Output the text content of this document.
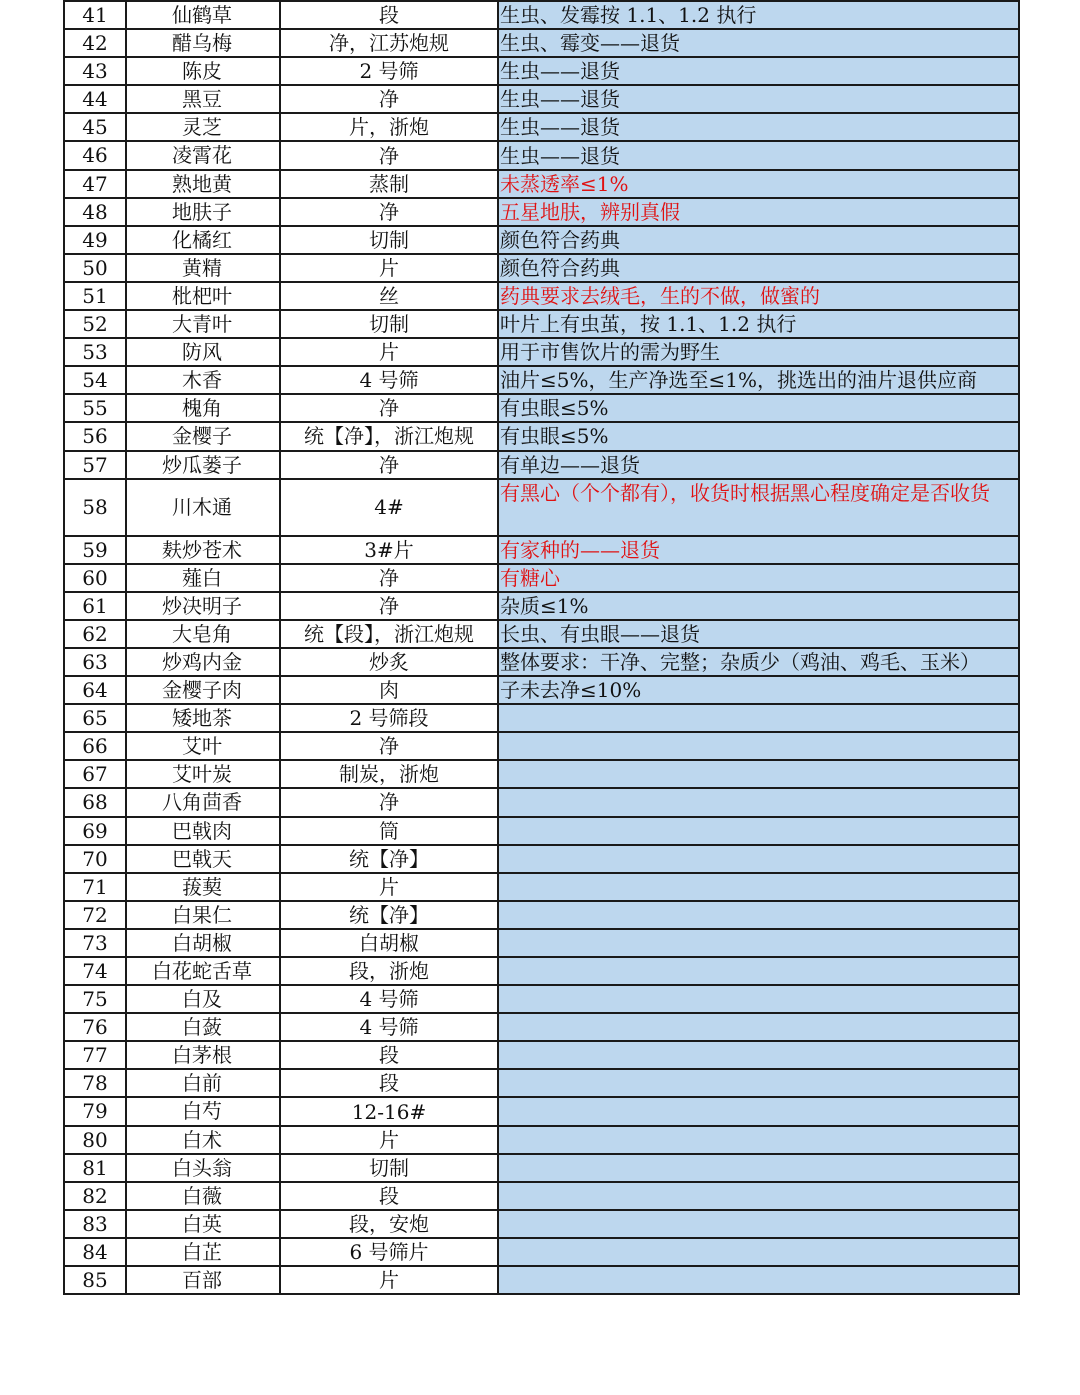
41 仙鹤草	段	生虫、发霉按 1.1、1.2 执行

42 醋乌梅	净，江苏炮规	生虫、霉变——退货

43 陈皮	2 号筛	生虫——退货

44 黑豆	净	生虫——退货

45 灵芝	片，浙炮	生虫——退货

46 凌霄花	净	生虫——退货

47 熟地黄	蒸制	未蒸透率≤1%

48 地肤子	净	五星地肤，辨别真假

49 化橘红	切制	颜色符合药典

50 黄精	片	颜色符合药典

51 枇杷叶	丝	药典要求去绒毛，生的不做，做蜜的

52 大青叶	切制	叶片上有虫茧，按 1.1、1.2 执行

53 防风	片	用于市售饮片的需为野生

54 木香	4 号筛	油片≤5%，生产净选至≤1%，挑选出的油片退供应商

55 槐角	净	有虫眼≤5%

56 金樱子	统【净】，浙江炮规	有虫眼≤5%

57 炒瓜蒌子	净	有单边——退货

58 川木通	4#	有黑心（个个都有），收货时根据黑心程度确定是否收货

59 麸炒苍术	3#片	有家种的——退货

60 薤白	净	有糖心

61 炒决明子	净	杂质≤1%

62 大皂角	统【段】，浙江炮规	长虫、有虫眼——退货

63 炒鸡内金	炒炙	整体要求：干净、完整；杂质少（鸡油、鸡毛、玉米）

64 金樱子肉	肉	子未去净≤10%

65 矮地茶	2 号筛段	

66 艾叶	净	

67 艾叶炭	制炭，浙炮	

68 八角茴香	净	

69 巴戟肉	筒	

70 巴戟天	统【净】	

71 菝葜	片	

72 白果仁	统【净】	

73 白胡椒	白胡椒	

74 白花蛇舌草	段，浙炮	

75 白及	4 号筛	

76 白蔹	4 号筛	

77 白茅根	段	

78 白前	段	

79 白芍	12-16#	

80 白术	片	

81 白头翁	切制	

82 白薇	段	

83 白英	段，安炮	

84 白芷	6 号筛片	

85 百部	片	
